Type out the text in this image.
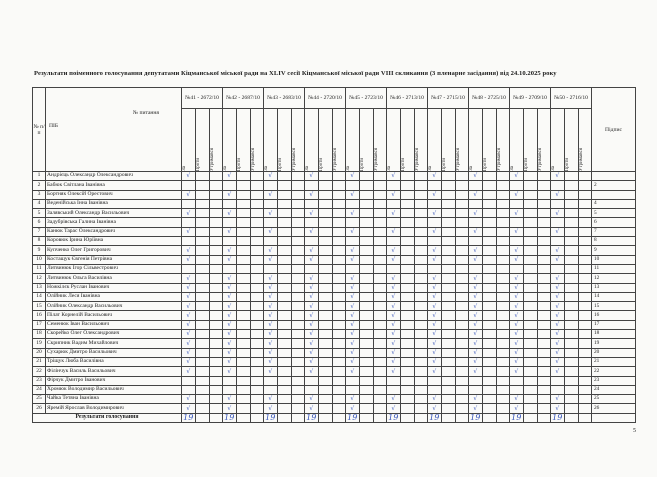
Результати поіменного голосування депутатами Кіцманської міської ради на XLIV сесії Кіцманської міської ради VIII скликання (3 пленарне засідання) від 24.10.2025 року
№ п/п	№ питання
ПІБ	№41 - 2672/10			№42 - 2687/10			№43 - 2683/10			№44 - 2720/10			№45 - 2723/10			№46 - 2713/10			№47 - 2715/10			№48 - 2725/10			№49 - 2709/10			№50 - 2716/10			Підпис

		За	Проти	Утримався	За	Проти	Утримався	За	Проти	Утримався	За	Проти	Утримався	За	Проти	Утримався	За	Проти	Утримався	За	Проти	Утримався	За	Проти	Утримався	За	Проти	Утримався	За	Проти	Утримався	

1	Андрієць Олександр Олександрович	√			√			√			√			√			√			√			√			√			√			
2	Бабюк Світлана Іванівна																															2
3	Бортняк Олексій Орестович	√			√			√			√			√			√			√			√			√			√			
4	Веденійська Інна Іванівна																															4
5	Залявський Олександр Васильович	√			√			√			√			√			√			√			√			√			√			5
6	Задубрівська Галина Іванівна																															6
7	Канюк Тарас Олександрович	√			√			√			√			√			√			√			√			√			√			7
8	Коровюк Ірина Юріївна																															8
9	Купченко Олег Григорович	√			√			√			√			√			√			√			√			√			√			9
10	Костащук Євгенія Петрівна	√			√			√			√			√			√			√			√			√			√			10
11	Литвинюк Ігор Сільвестрович																															11
12	Литвинюк Ольга Василівна	√			√			√			√			√			√			√			√			√			√			12
13	Ножкілєк Руслан Іванович	√			√			√			√			√			√			√			√			√			√			13
14	Олійник Леся Іванівна	√			√			√			√			√			√			√			√			√			√			14
15	Олійник Олександр Васильович	√			√			√			√			√			√			√			√			√			√			15
16	Пілат Корнелій Васильович	√			√			√			√			√			√			√			√			√			√			16
17	Семенюк Іван Васильович	√			√			√			√			√			√			√			√			√			√			17
18	Скорейко Олег Олександрович	√			√			√			√			√			√			√			√			√			√			18
19	Скрипник Вадим Михайлович	√			√			√			√			√			√			√			√			√			√			19
20	Сухарюк Дмитро Васильович	√			√			√			√			√			√			√			√			√			√			20
21	Тріщук Люба Василівна	√			√			√			√			√			√			√			√			√			√			21
22	Філінчук Василь Васильович	√			√			√			√			√			√			√			√			√			√			22
23	Фірчук Дмитро Іванович																															23
24	Хромюк Володимир Васильович																															24
25	Чайка Тетяна Іванівна	√			√			√			√			√			√			√			√			√			√			25
26	Яремій Ярослав Володимирович	√			√			√			√			√			√			√			√			√			√			26
Результати голосування		19			19			19			19			19			19			19			19			19			19			
5
